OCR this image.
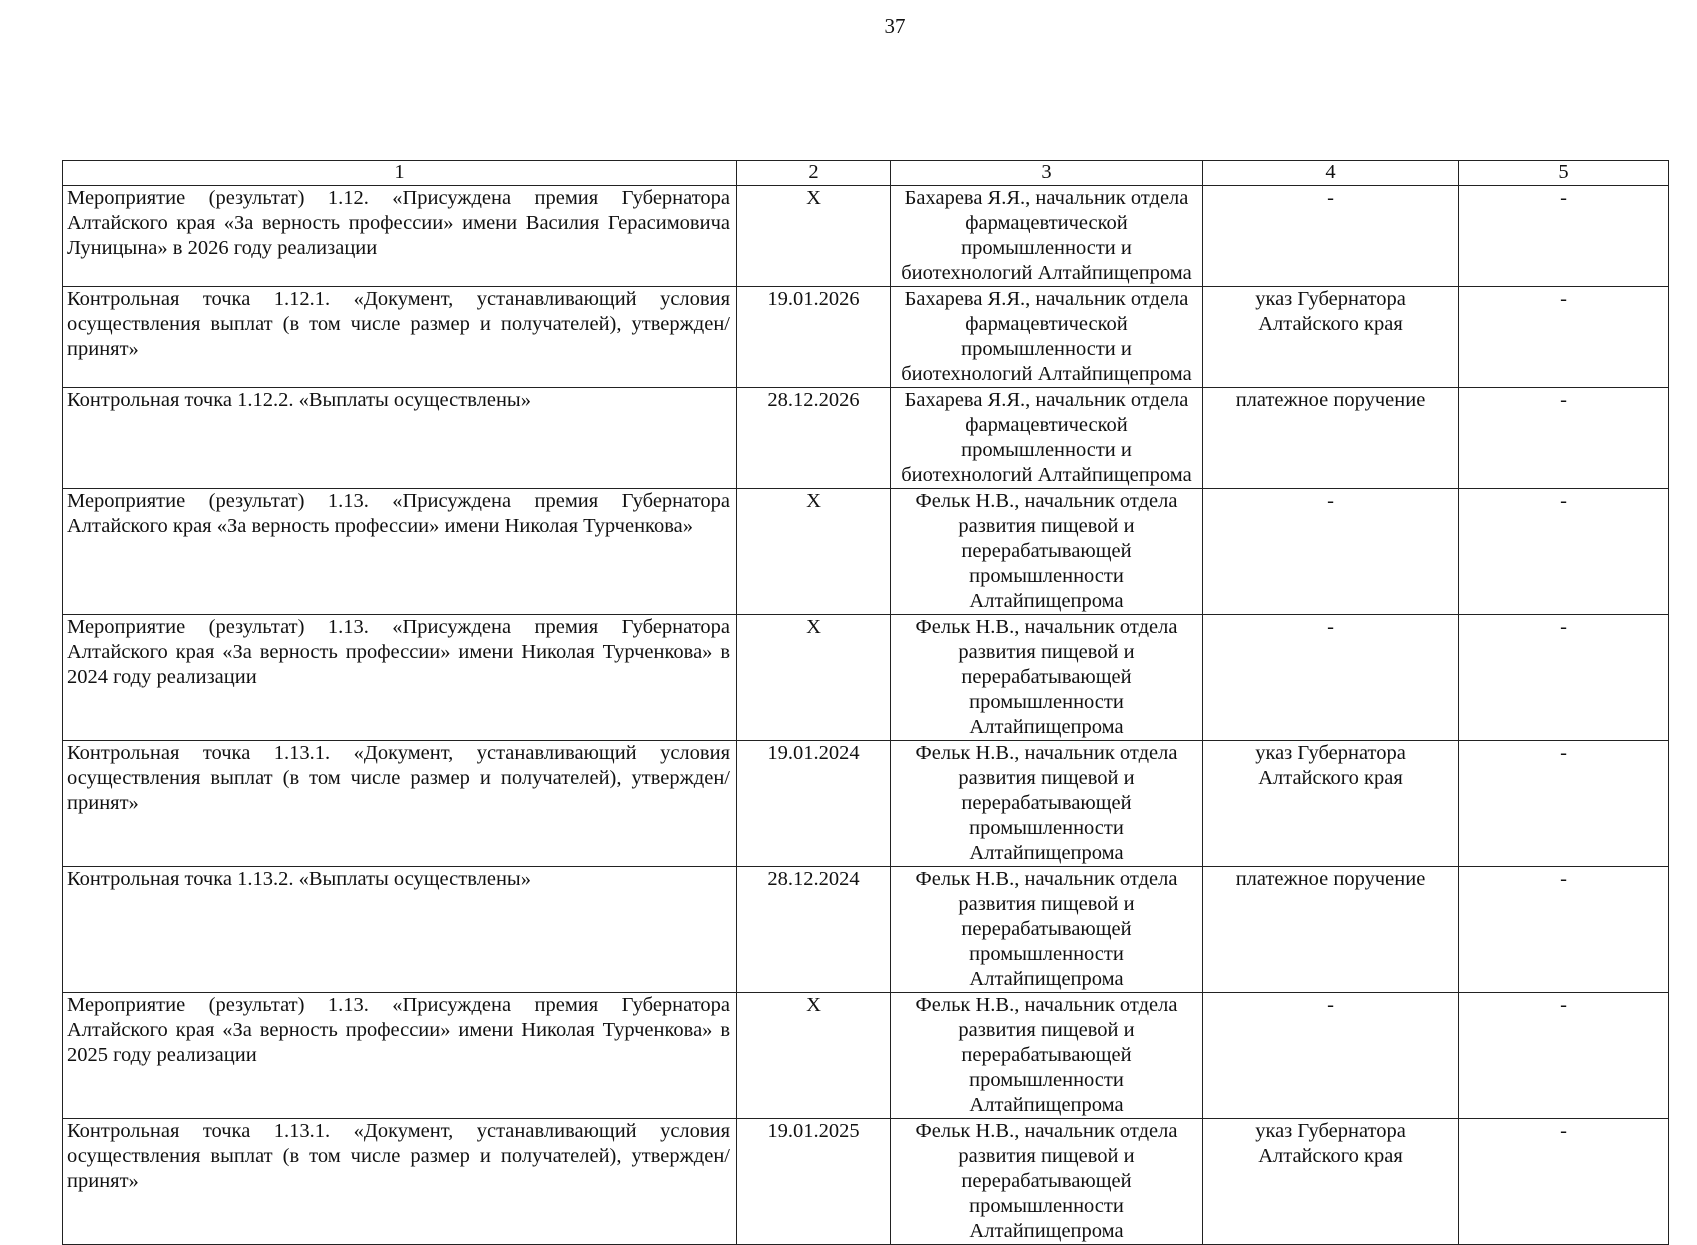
37
1	2	3	4	5
Мероприятие (результат) 1.12. «Присуждена премия Губернатора Алтайского края «За верность профессии» имени Василия Герасимовича Луницына» в 2026 году реализации	X	Бахарева Я.Я., начальник отдела фармацевтической промышленности и биотехнологий Алтайпищепрома	-	-
Контрольная точка 1.12.1. «Документ, устанавливающий условия осуществления выплат (в том числе размер и получателей), утвержден/принят»	19.01.2026	Бахарева Я.Я., начальник отдела фармацевтической промышленности и биотехнологий Алтайпищепрома	указ Губернатора Алтайского края	-
Контрольная точка 1.12.2. «Выплаты осуществлены»	28.12.2026	Бахарева Я.Я., начальник отдела фармацевтической промышленности и биотехнологий Алтайпищепрома	платежное поручение	-
Мероприятие (результат) 1.13. «Присуждена премия Губернатора Алтайского края «За верность профессии» имени Николая Турченкова»	X	Фельк Н.В., начальник отдела развития пищевой и перерабатывающей промышленности Алтайпищепрома	-	-
Мероприятие (результат) 1.13. «Присуждена премия Губернатора Алтайского края «За верность профессии» имени Николая Турченкова» в 2024 году реализации	X	Фельк Н.В., начальник отдела развития пищевой и перерабатывающей промышленности Алтайпищепрома	-	-
Контрольная точка 1.13.1. «Документ, устанавливающий условия осуществления выплат (в том числе размер и получателей), утвержден/принят»	19.01.2024	Фельк Н.В., начальник отдела развития пищевой и перерабатывающей промышленности Алтайпищепрома	указ Губернатора Алтайского края	-
Контрольная точка 1.13.2. «Выплаты осуществлены»	28.12.2024	Фельк Н.В., начальник отдела развития пищевой и перерабатывающей промышленности Алтайпищепрома	платежное поручение	-
Мероприятие (результат) 1.13. «Присуждена премия Губернатора Алтайского края «За верность профессии» имени Николая Турченкова» в 2025 году реализации	X	Фельк Н.В., начальник отдела развития пищевой и перерабатывающей промышленности Алтайпищепрома	-	-
Контрольная точка 1.13.1. «Документ, устанавливающий условия осуществления выплат (в том числе размер и получателей), утвержден/принят»	19.01.2025	Фельк Н.В., начальник отдела развития пищевой и перерабатывающей промышленности Алтайпищепрома	указ Губернатора Алтайского края	-
